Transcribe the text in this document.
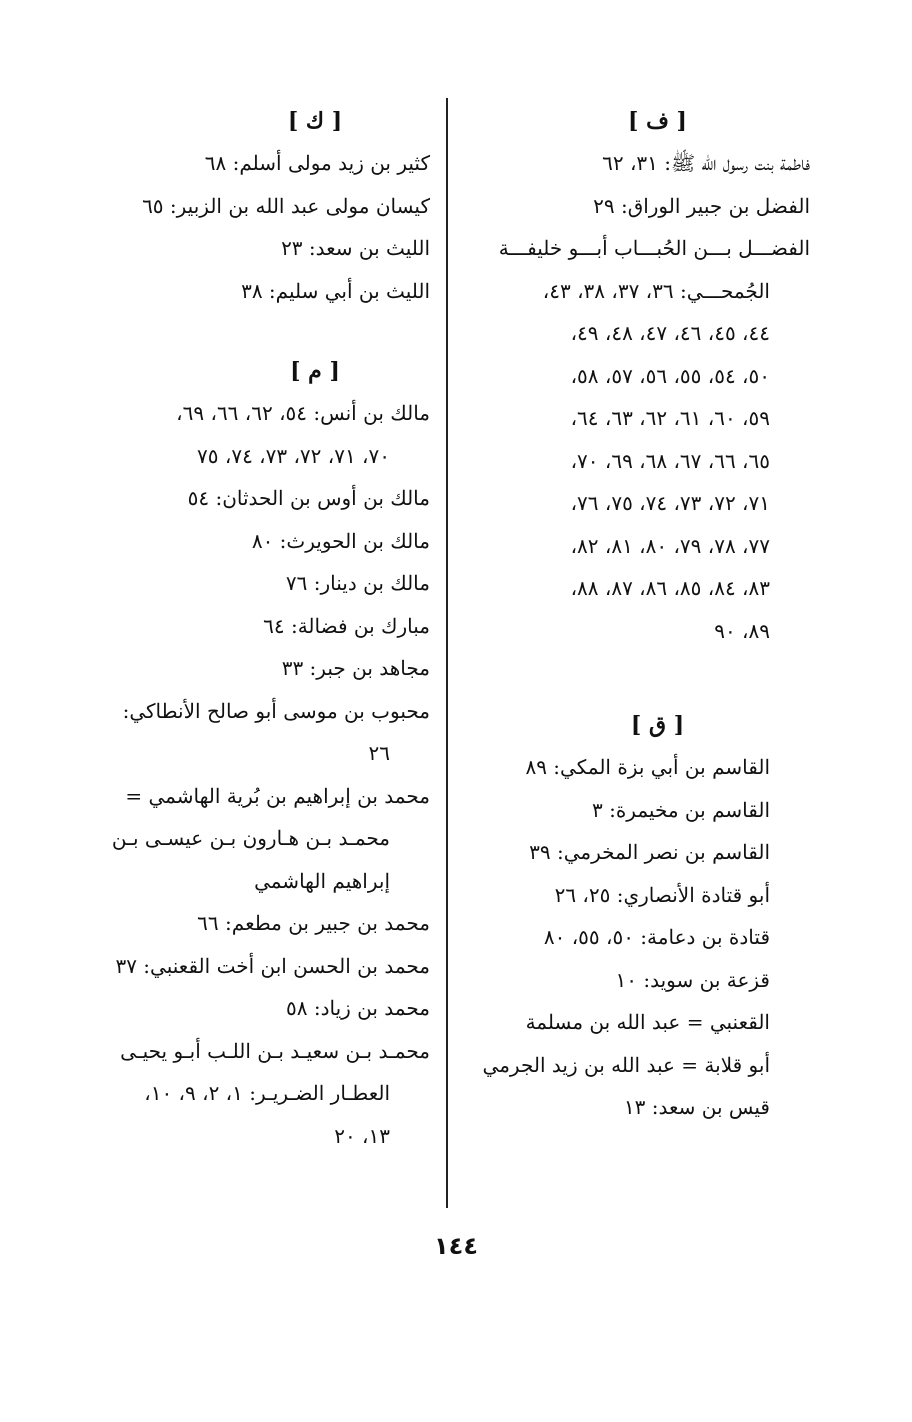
[ ف ]

فاطمة بنت رسول الله ﷺ: ٣١، ٦٢

الفضل بن جبير الوراق: ٢٩

الفضـــل بـــن الحُبـــاب أبـــو خليفـــة

الجُمحـــي: ٣٦، ٣٧، ٣٨، ٤٣،

٤٤، ٤٥، ٤٦، ٤٧، ٤٨، ٤٩،

٥٠، ٥٤، ٥٥، ٥٦، ٥٧، ٥٨،

٥٩، ٦٠، ٦١، ٦٢، ٦٣، ٦٤،

٦٥، ٦٦، ٦٧، ٦٨، ٦٩، ٧٠،

٧١، ٧٢، ٧٣، ٧٤، ٧٥، ٧٦،

٧٧، ٧٨، ٧٩، ٨٠، ٨١، ٨٢،

٨٣، ٨٤، ٨٥، ٨٦، ٨٧، ٨٨،

٨٩، ٩٠

[ ق ]

القاسم بن أبي بزة المكي: ٨٩

القاسم بن مخيمرة: ٣

القاسم بن نصر المخرمي: ٣٩

أبو قتادة الأنصاري: ٢٥، ٢٦

قتادة بن دعامة: ٥٠، ٥٥، ٨٠

قزعة بن سويد: ١٠

القعنبي = عبد الله بن مسلمة

أبو قلابة = عبد الله بن زيد الجرمي

قيس بن سعد: ١٣

[ ك ]

كثير بن زيد مولى أسلم: ٦٨

كيسان مولى عبد الله بن الزبير: ٦٥

الليث بن سعد: ٢٣

الليث بن أبي سليم: ٣٨

[ م ]

مالك بن أنس: ٥٤، ٦٢، ٦٦، ٦٩،

٧٠، ٧١، ٧٢، ٧٣، ٧٤، ٧٥

مالك بن أوس بن الحدثان: ٥٤

مالك بن الحويرث: ٨٠

مالك بن دينار: ٧٦

مبارك بن فضالة: ٦٤

مجاهد بن جبر: ٣٣

محبوب بن موسى أبو صالح الأنطاكي:

٢٦

محمد بن إبراهيم بن بُرية الهاشمي =

محمـد بـن هـارون بـن عيسـى بـن

إبراهيم الهاشمي

محمد بن جبير بن مطعم: ٦٦

محمد بن الحسن ابن أخت القعنبي: ٣٧

محمد بن زياد: ٥٨

محمـد بـن سعيـد بـن اللـب أبـو يحيـى

العطـار الضـريـر: ١، ٢، ٩، ١٠،

١٣، ٢٠

١٤٤
